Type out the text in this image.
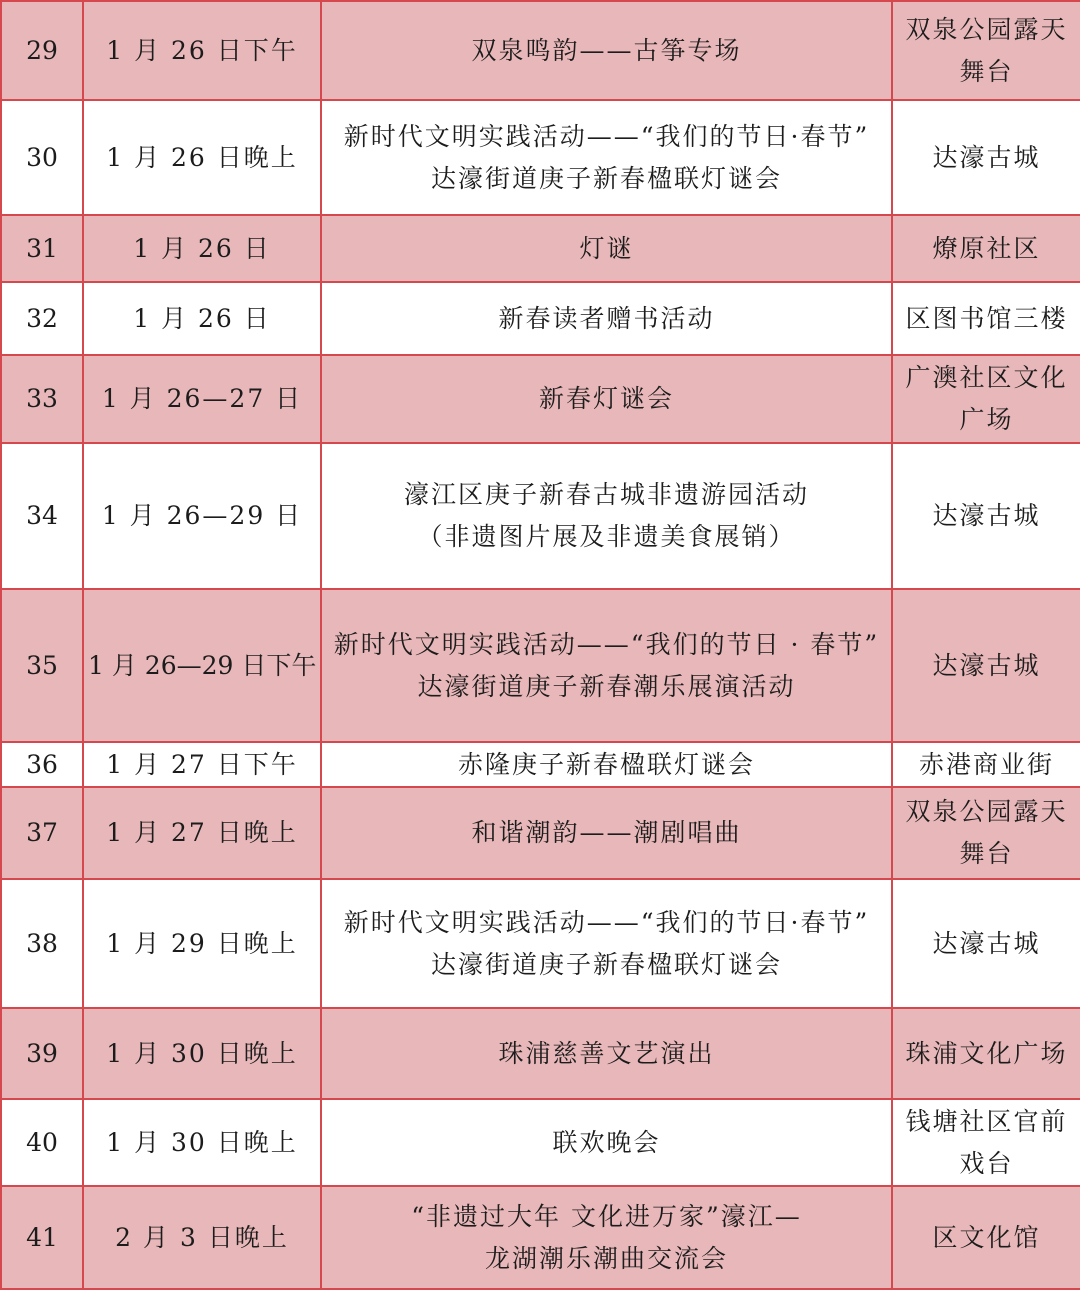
29	1 月 26 日下午	双泉鸣韵——古筝专场	双泉公园露天
舞台

30	1 月 26 日晚上	新时代文明实践活动——“我们的节日·春节”
达濠街道庚子新春楹联灯谜会	达濠古城

31	1 月 26 日	灯谜	燎原社区

32	1 月 26 日	新春读者赠书活动	区图书馆三楼

33	1 月 26—27 日	新春灯谜会	广澳社区文化
广场

34	1 月 26—29 日	濠江区庚子新春古城非遗游园活动
（非遗图片展及非遗美食展销）	达濠古城

35	1 月 26—29 日下午	新时代文明实践活动——“我们的节日 · 春节”
达濠街道庚子新春潮乐展演活动	达濠古城

36	1 月 27 日下午	赤隆庚子新春楹联灯谜会	赤港商业街

37	1 月 27 日晚上	和谐潮韵——潮剧唱曲	双泉公园露天
舞台

38	1 月 29 日晚上	新时代文明实践活动——“我们的节日·春节”
达濠街道庚子新春楹联灯谜会	达濠古城

39	1 月 30 日晚上	珠浦慈善文艺演出	珠浦文化广场

40	1 月 30 日晚上	联欢晚会	钱塘社区官前
戏台

41	2 月 3 日晚上	“非遗过大年 文化进万家”濠江—
龙湖潮乐潮曲交流会	区文化馆
